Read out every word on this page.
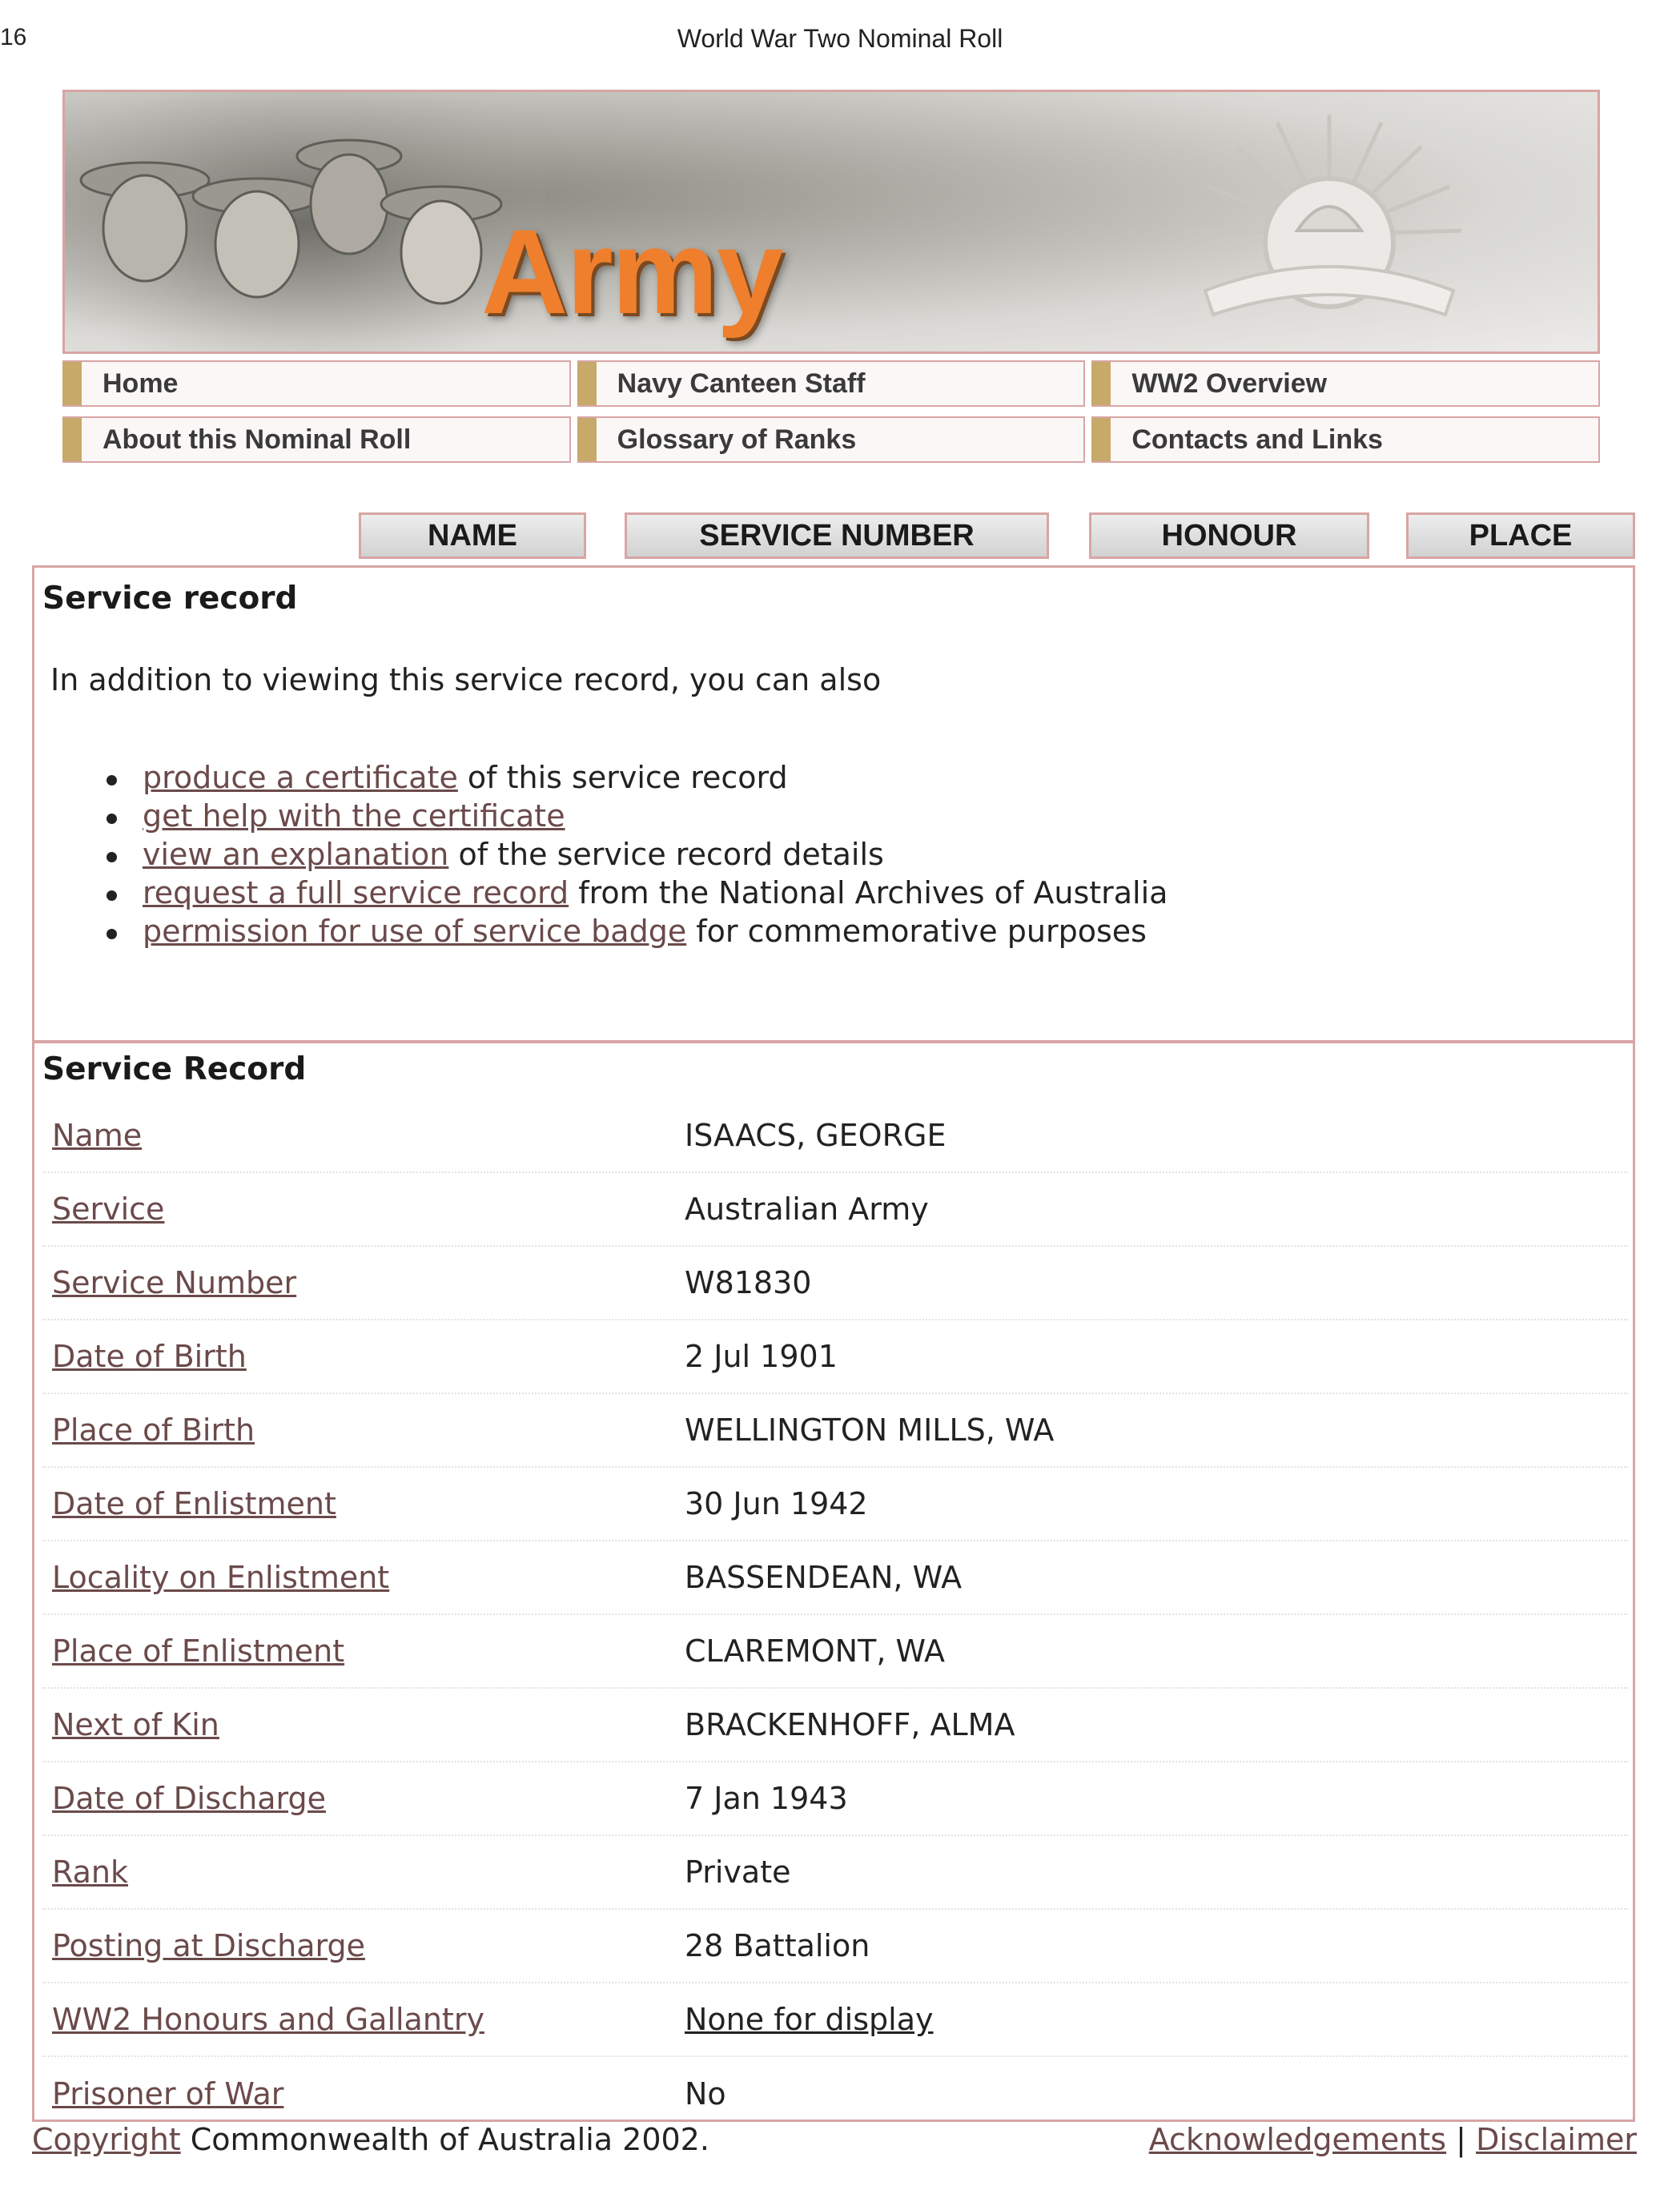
16	World War Two Nominal Roll
Army
Home	Navy Canteen Staff	WW2 Overview
About this Nominal Roll	Glossary of Ranks	Contacts and Links
NAME	SERVICE NUMBER	HONOUR	PLACE
Service record
In addition to viewing this service record, you can also
produce a certificate of this service record
get help with the certificate
view an explanation of the service record details
request a full service record from the National Archives of Australia
permission for use of service badge for commemorative purposes
Service Record
Name	ISAACS, GEORGE
Service	Australian Army
Service Number	W81830
Date of Birth	2 Jul 1901
Place of Birth	WELLINGTON MILLS, WA
Date of Enlistment	30 Jun 1942
Locality on Enlistment	BASSENDEAN, WA
Place of Enlistment	CLAREMONT, WA
Next of Kin	BRACKENHOFF, ALMA
Date of Discharge	7 Jan 1943
Rank	Private
Posting at Discharge	28 Battalion
WW2 Honours and Gallantry	None for display
Prisoner of War	No
Copyright Commonwealth of Australia 2002.	Acknowledgements | Disclaimer
